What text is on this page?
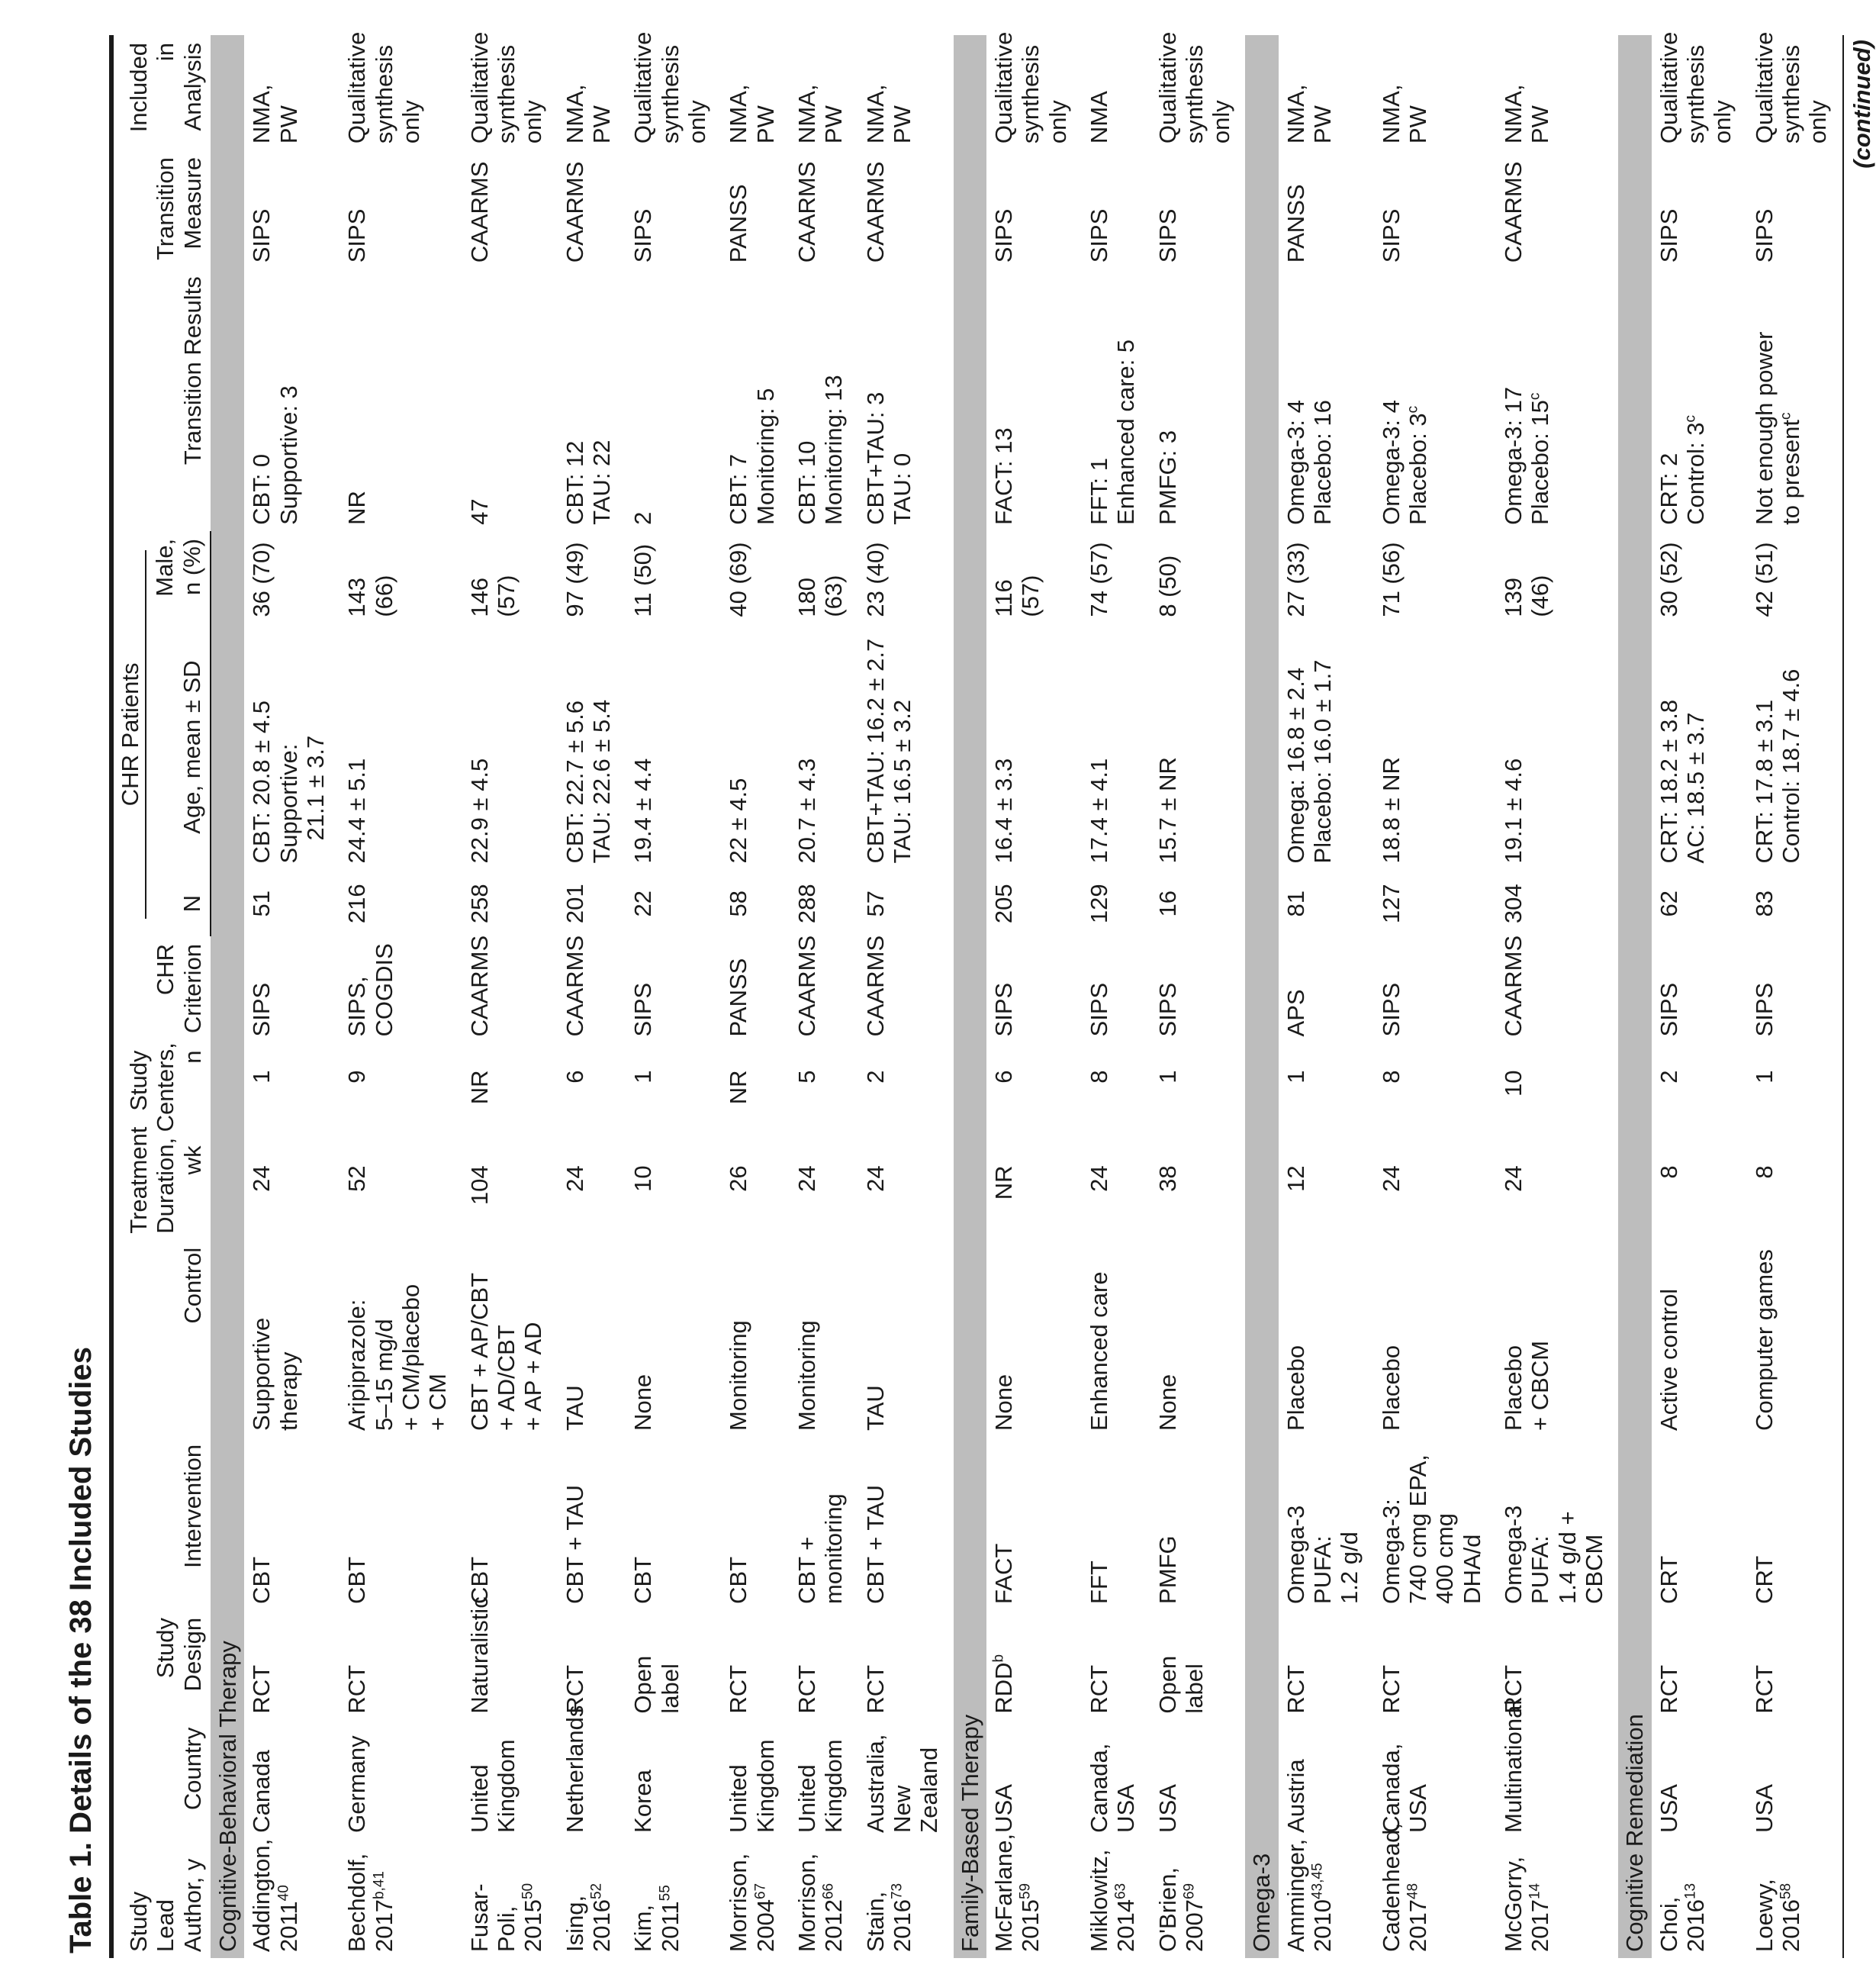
Table 1. Details of the 38 Included Studies	Study Lead Author, y	Country	Study Design	Intervention	Control	Treatment Duration, wk	Study Centers, n	CHR Criterion	CHR Patients			Transition Results	Transition Measure	Included in Analysis

								N	Age, mean ± SD	Male, n (%)			

Cognitive-Behavioral Therapy													

Addington, 2011$^{40}$	Canada	RCT	CBT	Supportive therapy	24	1	SIPS	51	CBT: 20.8 ± 4.5 Supportive: 21.1 ± 3.7	36 (70)	CBT: 0 Supportive: 3	SIPS	NMA, PW

Bechdolf, 2017$^{b,41}$	Germany	RCT	CBT	Aripiprazole: 5–15 mg/d + CM/placebo + CM	52	9	SIPS, COGDIS	216	24.4 ± 5.1	143 (66)	NR	SIPS	Qualitative synthesis only

Fusar-Poli, 2015$^{50}$	United Kingdom	Naturalistic	CBT	CBT + AP/CBT + AD/CBT + AP + AD	104	NR	CAARMS	258	22.9 ± 4.5	146 (57)	47	CAARMS	Qualitative synthesis only

Ising, 2016$^{52}$	Netherlands	RCT	CBT + TAU	TAU	24	6	CAARMS	201	CBT: 22.7 ± 5.6 TAU: 22.6 ± 5.4	97 (49)	CBT: 12 TAU: 22	CAARMS	NMA, PW

Kim, 2011$^{55}$	Korea	Open label	CBT	None	10	1	SIPS	22	19.4 ± 4.4	11 (50)	2	SIPS	Qualitative synthesis only

Morrison, 2004$^{67}$	United Kingdom	RCT	CBT	Monitoring	26	NR	PANSS	58	22 ± 4.5	40 (69)	CBT: 7 Monitoring: 5	PANSS	NMA, PW

Morrison, 2012$^{66}$	United Kingdom	RCT	CBT + monitoring	Monitoring	24	5	CAARMS	288	20.7 ± 4.3	180 (63)	CBT: 10 Monitoring: 13	CAARMS	NMA, PW

Stain, 2016$^{73}$	Australia, New Zealand	RCT	CBT + TAU	TAU	24	2	CAARMS	57	CBT+TAU: 16.2 ± 2.7 TAU: 16.5 ± 3.2	23 (40)	CBT+TAU: 3 TAU: 0	CAARMS	NMA, PW

Family-Based Therapy													

McFarlane, 2015$^{59}$	USA	RDD$^b$	FACT	None	NR	6	SIPS	205	16.4 ± 3.3	116 (57)	FACT: 13	SIPS	Qualitative synthesis only

Miklowitz, 2014$^{63}$	Canada, USA	RCT	FFT	Enhanced care	24	8	SIPS	129	17.4 ± 4.1	74 (57)	FFT: 1 Enhanced care: 5	SIPS	NMA

O'Brien, 2007$^{69}$	USA	Open label	PMFG	None	38	1	SIPS	16	15.7 ± NR	8 (50)	PMFG: 3	SIPS	Qualitative synthesis only

Omega-3													

Amminger, 2010$^{43,45}$	Austria	RCT	Omega-3 PUFA: 1.2 g/d	Placebo	12	1	APS	81	Omega: 16.8 ± 2.4 Placebo: 16.0 ± 1.7	27 (33)	Omega-3: 4 Placebo: 16	PANSS	NMA, PW

Cadenhead, 2017$^{48}$	Canada, USA	RCT	Omega-3: 740 cmg EPA, 400 cmg DHA/d	Placebo	24	8	SIPS	127	18.8 ± NR	71 (56)	Omega-3: 4 Placebo: 3$^c$	SIPS	NMA, PW

McGorry, 2017$^{14}$	Multinational	RCT	Omega-3 PUFA: 1.4 g/d + CBCM	Placebo + CBCM	24	10	CAARMS	304	19.1 ± 4.6	139 (46)	Omega-3: 17 Placebo: 15$^c$	CAARMS	NMA, PW

Cognitive Remediation													

Choi, 2016$^{13}$	USA	RCT	CRT	Active control	8	2	SIPS	62	CRT: 18.2 ± 3.8 AC: 18.5 ± 3.7	30 (52)	CRT: 2 Control: 3$^c$	SIPS	Qualitative synthesis only

Loewy, 2016$^{58}$	USA	RCT	CRT	Computer games	8	1	SIPS	83	CRT: 17.8 ± 3.1 Control: 18.7 ± 4.6	42 (51)	Not enough power to present$^c$	SIPS	Qualitative synthesis only (continued)
